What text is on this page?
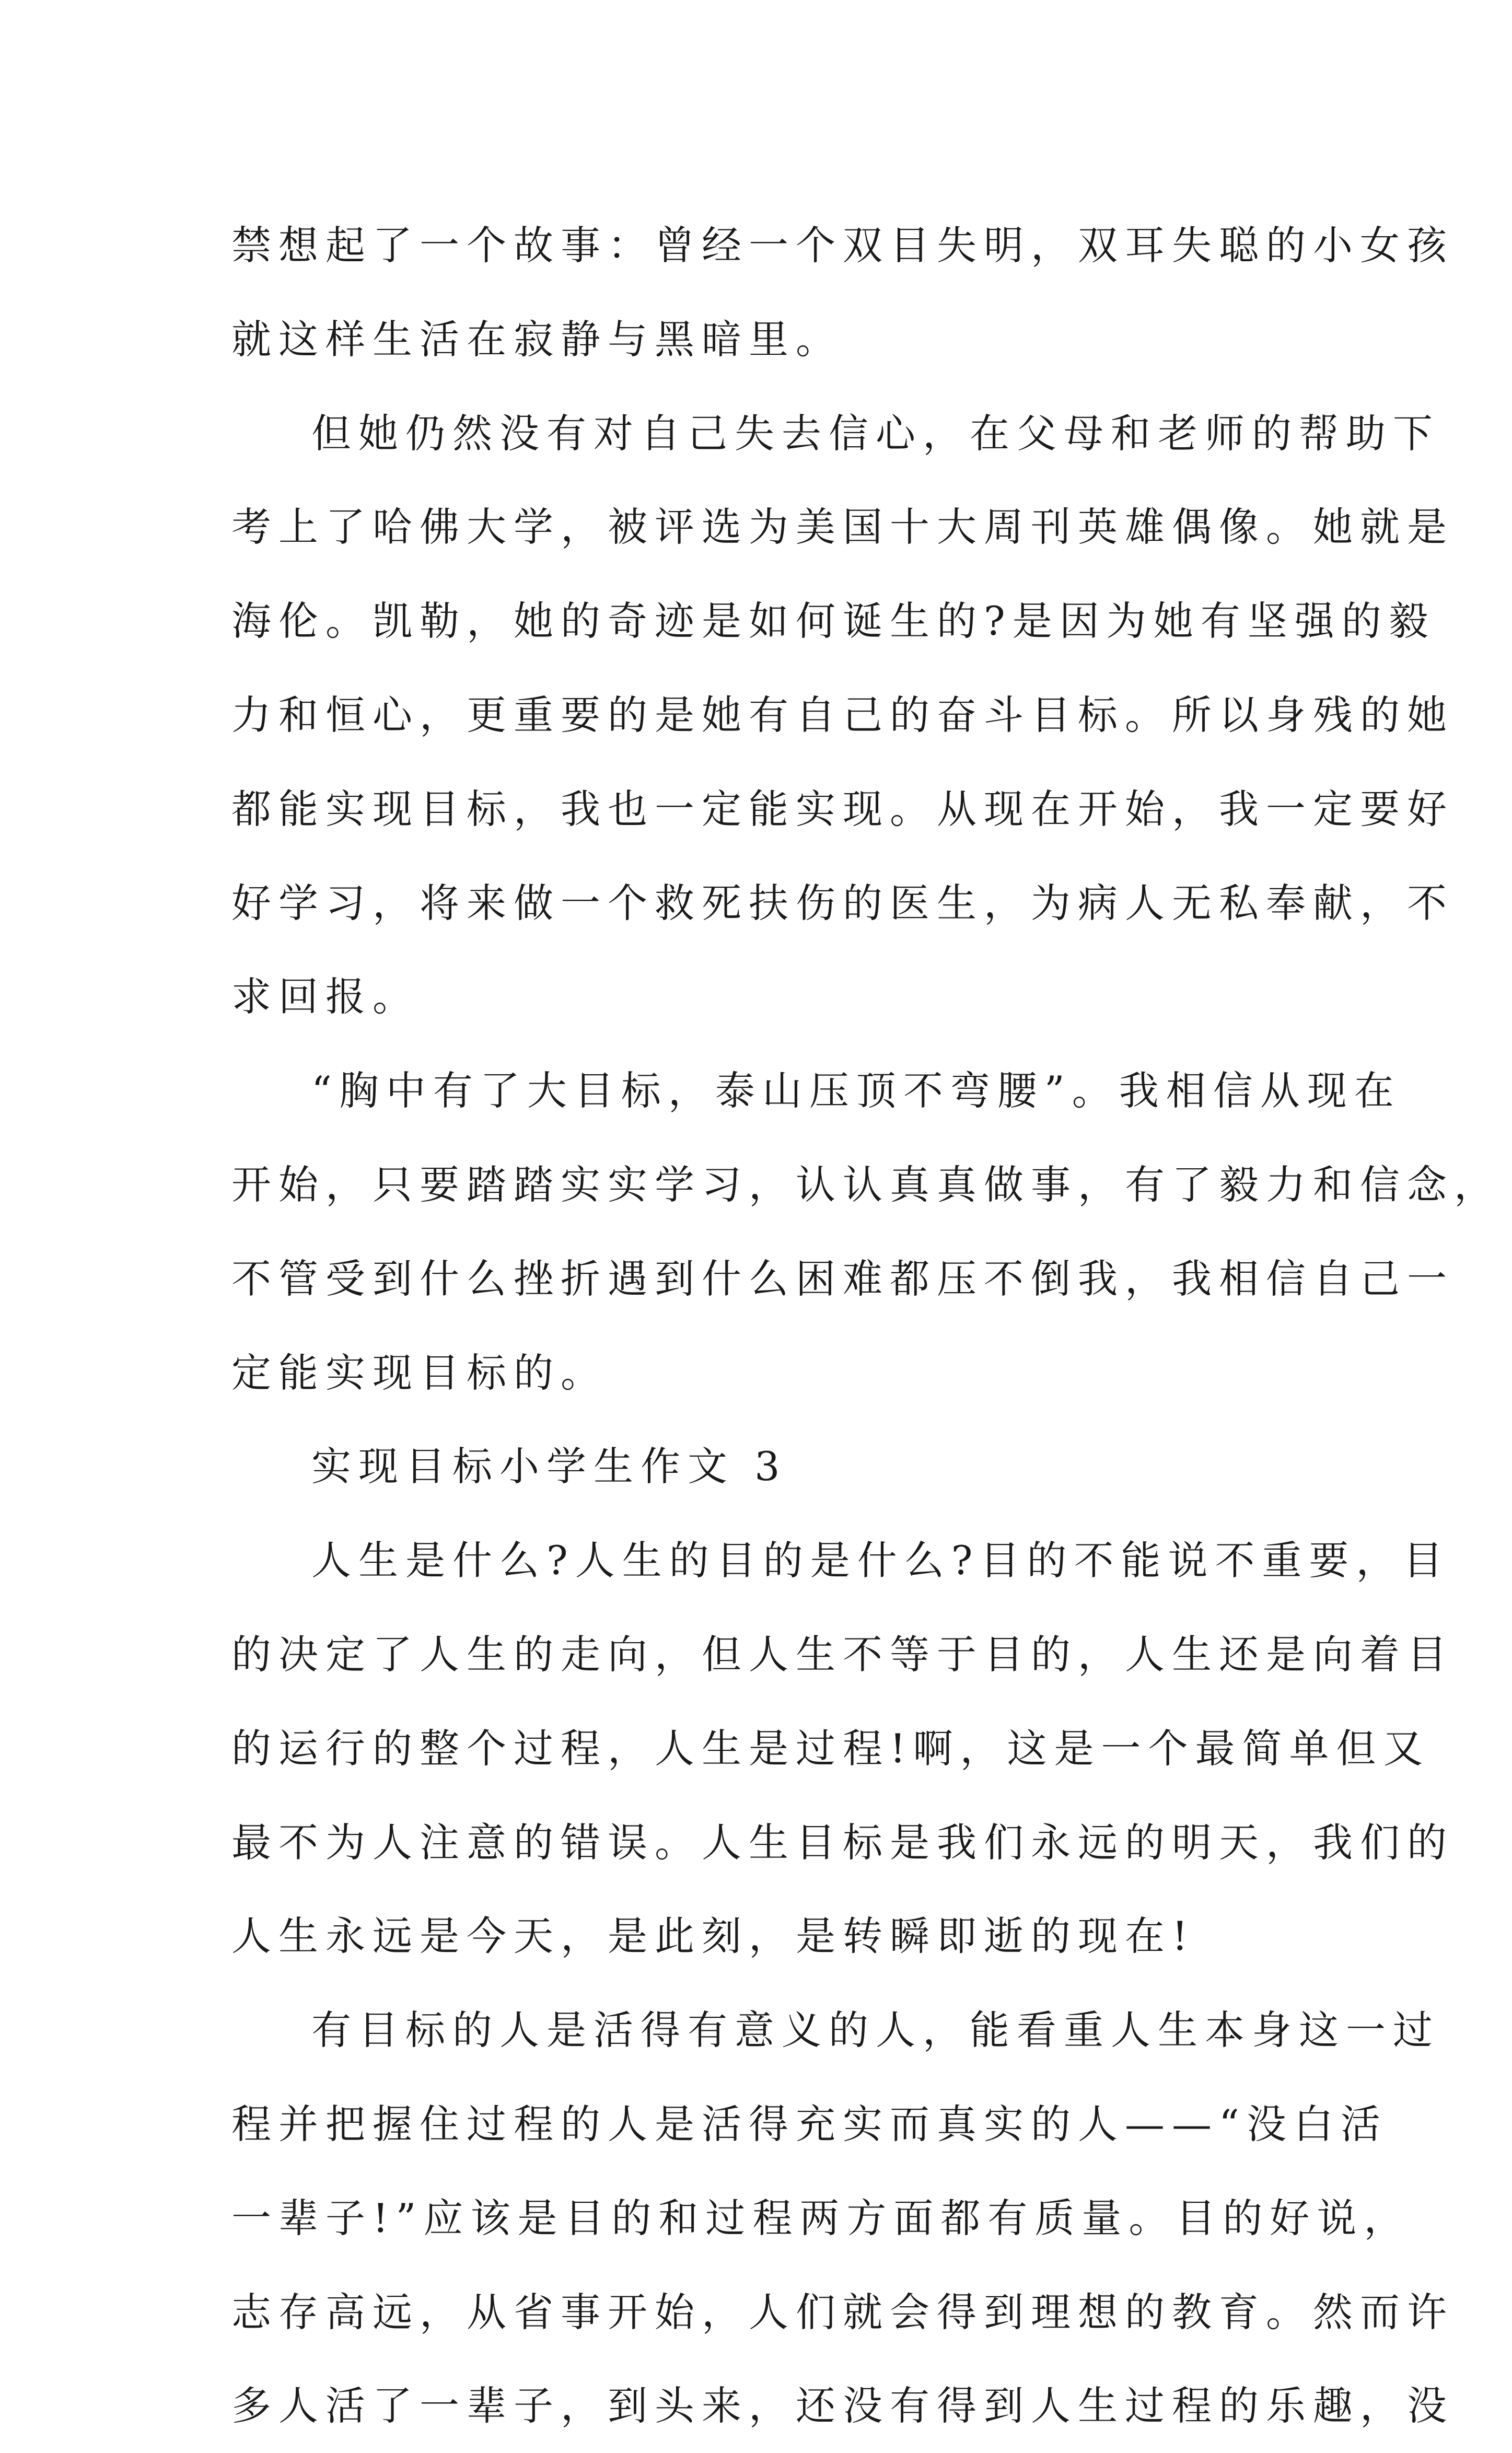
禁想起了一个故事：曾经一个双目失明，双耳失聪的小女孩
就这样生活在寂静与黑暗里。
但她仍然没有对自己失去信心，在父母和老师的帮助下
考上了哈佛大学，被评选为美国十大周刊英雄偶像。她就是
海伦。凯勒，她的奇迹是如何诞生的?是因为她有坚强的毅
力和恒心，更重要的是她有自己的奋斗目标。所以身残的她
都能实现目标，我也一定能实现。从现在开始，我一定要好
好学习，将来做一个救死扶伤的医生，为病人无私奉献，不
求回报。
“胸中有了大目标，泰山压顶不弯腰”。我相信从现在
开始，只要踏踏实实学习，认认真真做事，有了毅力和信念，
不管受到什么挫折遇到什么困难都压不倒我，我相信自己一
定能实现目标的。
实现目标小学生作文 3
人生是什么?人生的目的是什么?目的不能说不重要，目
的决定了人生的走向，但人生不等于目的，人生还是向着目
的运行的整个过程，人生是过程!啊，这是一个最简单但又
最不为人注意的错误。人生目标是我们永远的明天，我们的
人生永远是今天，是此刻，是转瞬即逝的现在!
有目标的人是活得有意义的人，能看重人生本身这一过
程并把握住过程的人是活得充实而真实的人——“没白活
一辈子!”应该是目的和过程两方面都有质量。目的好说，
志存高远，从省事开始，人们就会得到理想的教育。然而许
多人活了一辈子，到头来，还没有得到人生过程的乐趣，没
